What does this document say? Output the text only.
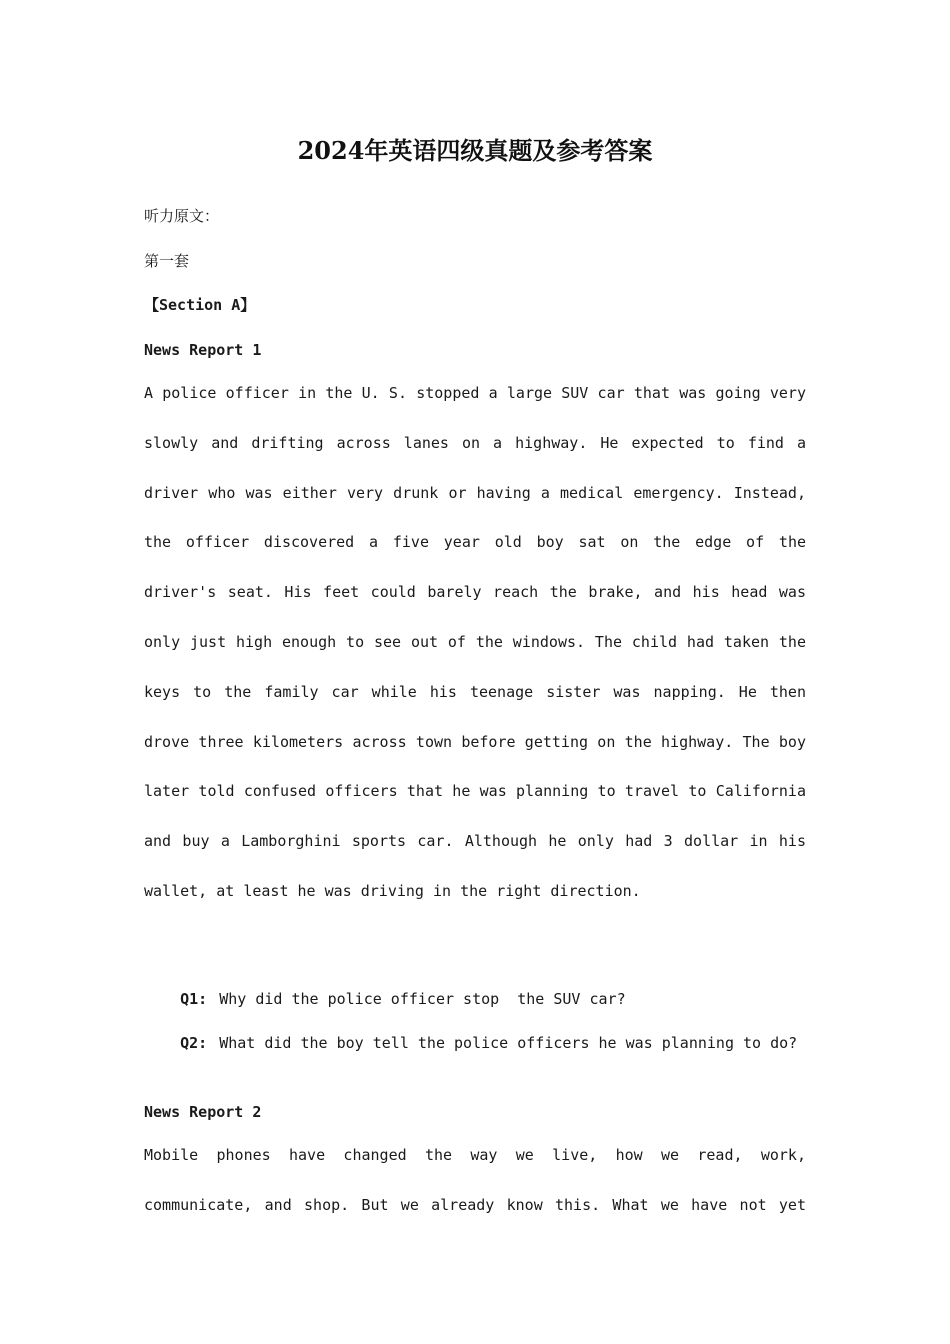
2024年英语四级真题及参考答案
听力原文：
第一套
【Section A】
News Report 1
A police officer in the U. S. stopped a large SUV car that was going very slowly and drifting across lanes on a highway. He expected to find a driver who was either very drunk or having a medical emergency. Instead, the officer discovered a five year old boy sat on the edge of the driver's seat. His feet could barely reach the brake, and his head was only just high enough to see out of the windows. The child had taken the keys to the family car while his teenage sister was napping. He then drove three kilometers across town before getting on the highway. The boy later told confused officers that he was planning to travel to California and buy a Lamborghini sports car. Although he only had 3 dollar in his wallet, at least he was driving in the right direction.

Q1: Why did the police officer stop  the SUV car?

Q2: What did the boy tell the police officers he was planning to do?

News Report 2
Mobile phones have changed the way we live, how we read, work, communicate, and shop. But we already know this. What we have not yet
